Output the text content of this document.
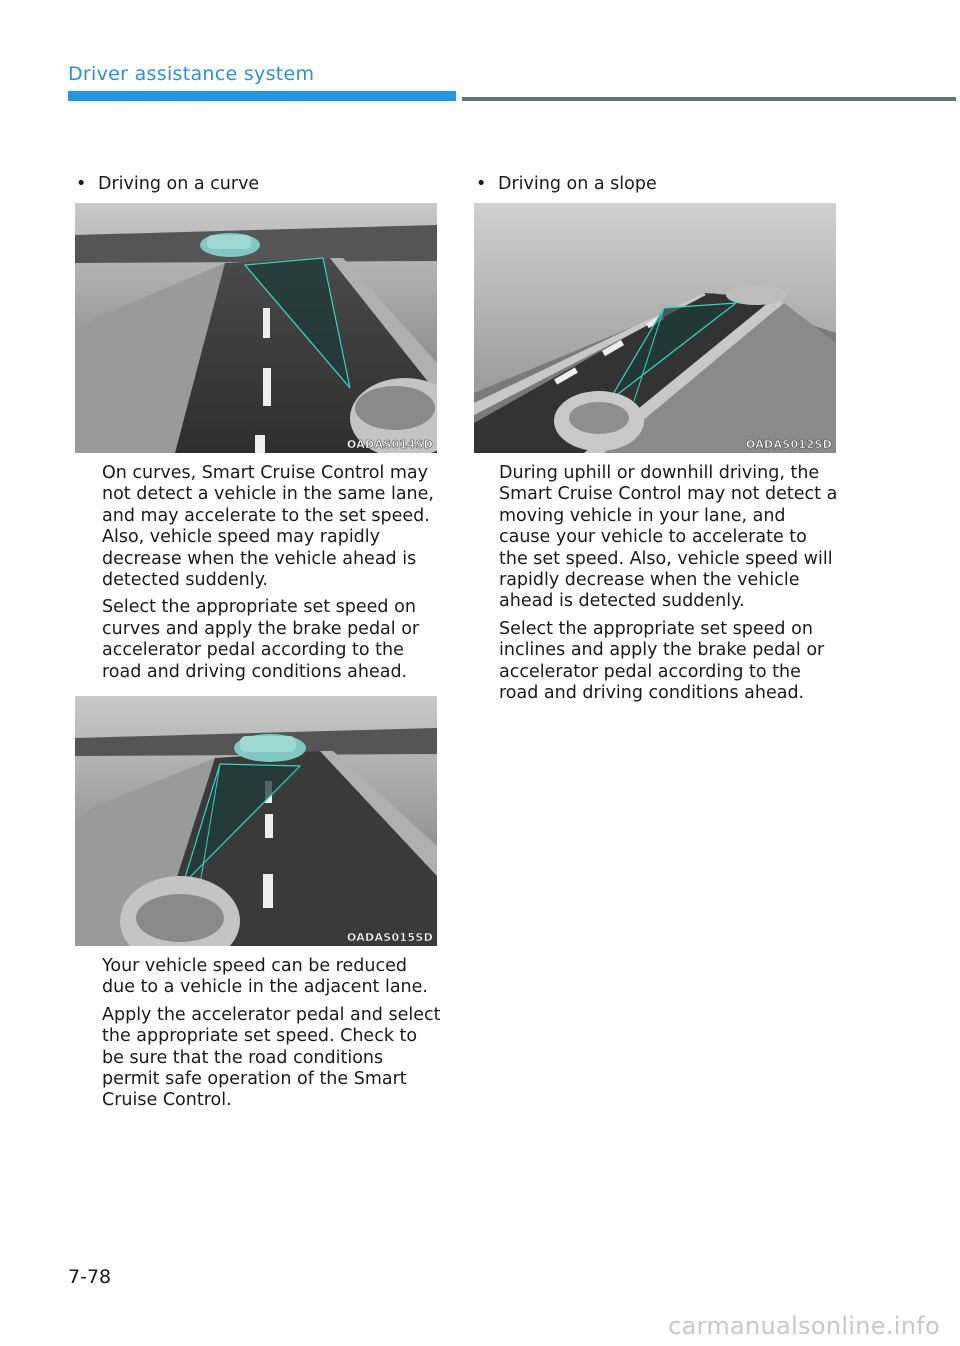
Driver assistance system
• Driving on a curve
OADAS014SD

On curves, Smart Cruise Control may not detect a vehicle in the same lane, and may accelerate to the set speed. Also, vehicle speed may rapidly decrease when the vehicle ahead is detected suddenly.

Select the appropriate set speed on curves and apply the brake pedal or accelerator pedal according to the road and driving conditions ahead.

OADAS015SD

Your vehicle speed can be reduced due to a vehicle in the adjacent lane.

Apply the accelerator pedal and select the appropriate set speed. Check to be sure that the road conditions permit safe operation of the Smart Cruise Control.

• Driving on a slope
OADAS012SD

During uphill or downhill driving, the Smart Cruise Control may not detect a moving vehicle in your lane, and cause your vehicle to accelerate to the set speed. Also, vehicle speed will rapidly decrease when the vehicle ahead is detected suddenly.

Select the appropriate set speed on inclines and apply the brake pedal or accelerator pedal according to the road and driving conditions ahead.

7-78
carmanualsonline.info
